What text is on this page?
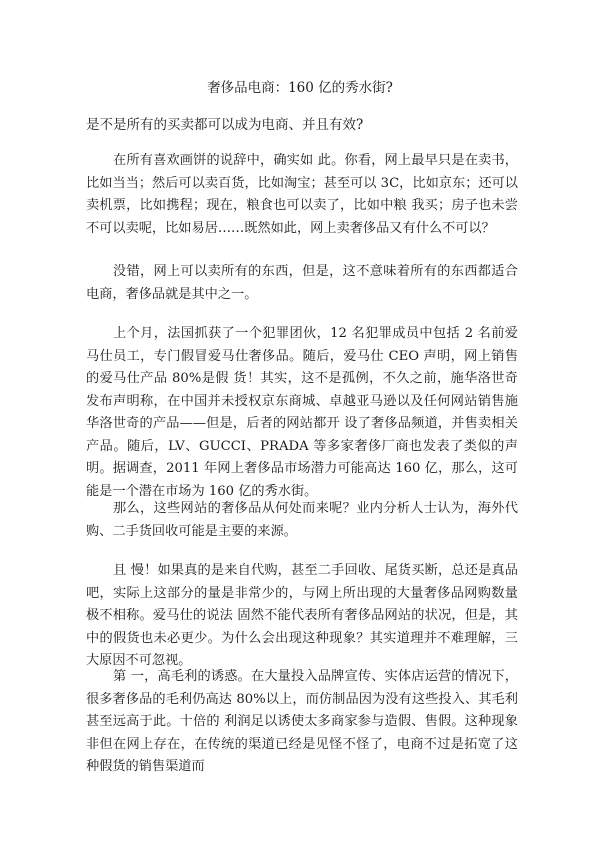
奢侈品电商：160 亿的秀水街?
是不是所有的买卖都可以成为电商、并且有效?

在所有喜欢画饼的说辞中，确实如 此。你看，网上最早只是在卖书，比如当当；然后可以卖百货，比如淘宝；甚至可以 3C，比如京东；还可以卖机票，比如携程；现在，粮食也可以卖了，比如中粮 我买；房子也未尝不可以卖呢，比如易居……既然如此，网上卖奢侈品又有什么不可以？

没错，网上可以卖所有的东西，但是，这不意味着所有的东西都适合电商，奢侈品就是其中之一。

上个月，法国抓获了一个犯罪团伙，12 名犯罪成员中包括 2 名前爱马仕员工，专门假冒爱马仕奢侈品。随后，爱马仕 CEO 声明，网上销售的爱马仕产品 80%是假 货！其实，这不是孤例，不久之前，施华洛世奇发布声明称，在中国并未授权京东商城、卓越亚马逊以及任何网站销售施华洛世奇的产品——但是，后者的网站都开 设了奢侈品频道，并售卖相关产品。随后，LV、GUCCI、PRADA 等多家奢侈厂商也发表了类似的声明。据调查，2011 年网上奢侈品市场潜力可能高达 160 亿，那么，这可能是一个潜在市场为 160 亿的秀水街。

那么，这些网站的奢侈品从何处而来呢？业内分析人士认为，海外代购、二手货回收可能是主要的来源。

且 慢！如果真的是来自代购，甚至二手回收、尾货买断，总还是真品吧，实际上这部分的量是非常少的，与网上所出现的大量奢侈品网购数量极不相称。爱马仕的说法 固然不能代表所有奢侈品网站的状况，但是，其中的假货也未必更少。为什么会出现这种现象？其实道理并不难理解，三大原因不可忽视。

第 一，高毛利的诱惑。在大量投入品牌宣传、实体店运营的情况下，很多奢侈品的毛利仍高达 80%以上，而仿制品因为没有这些投入、其毛利甚至远高于此。十倍的 利润足以诱使太多商家参与造假、售假。这种现象非但在网上存在，在传统的渠道已经是见怪不怪了，电商不过是拓宽了这种假货的销售渠道而
